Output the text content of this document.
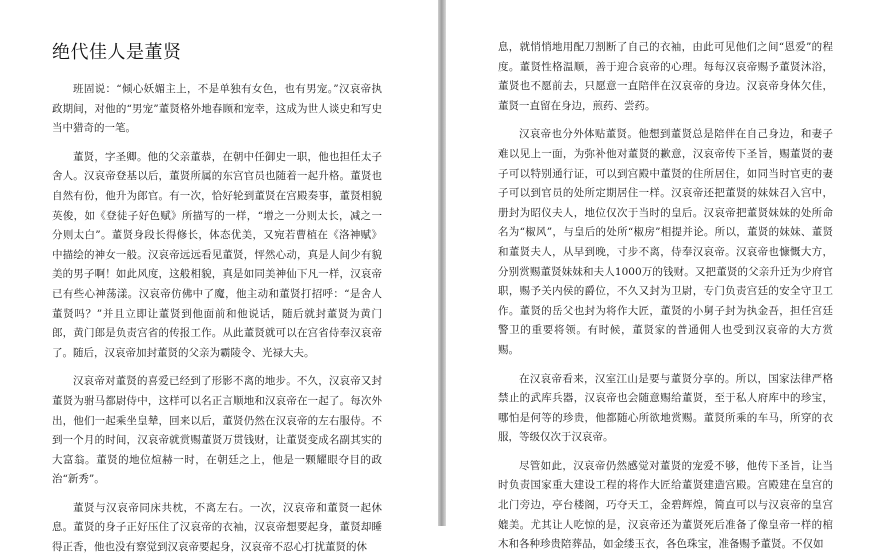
绝代佳人是董贤

班固说：“倾心妖媚主上，不是单独有女色，也有男宠。”汉哀帝执政期间，对他的“男宠”董贤格外地春顾和宠幸，这成为世人谈史和写史当中猎奇的一笔。

董贤，字圣卿。他的父亲董恭，在朝中任御史一职，他也担任太子舍人。汉哀帝登基以后，董贤所属的东宫官员也随着一起升格。董贤也自然有份，他升为郎官。有一次，恰好轮到董贤在宫殿奏事，董贤相貌英俊，如《登徒子好色赋》所描写的一样，“增之一分则太长，减之一分则太白”。董贤身段长得修长，体态优美，又宛若曹植在《洛神赋》中描绘的神女一般。汉哀帝远远看见董贤，怦然心动，真是人间少有貌美的男子啊！如此风度，这般相貌，真是如同美神仙下凡一样，汉哀帝已有些心神荡漾。汉哀帝仿佛中了魔，他主动和董贤打招呼：“是舍人董贤吗？”并且立即让董贤到他面前和他说话，随后就封董贤为黄门郎，黄门郎是负责宫省的传报工作。从此董贤就可以在宫省侍奉汉哀帝了。随后，汉哀帝加封董贤的父亲为霸陵令、光禄大夫。

汉哀帝对董贤的喜爱已经到了形影不离的地步。不久，汉哀帝又封董贤为驸马都尉侍中，这样可以名正言顺地和汉哀帝在一起了。每次外出，他们一起乘坐皇辇，回来以后，董贤仍然在汉哀帝的左右服侍。不到一个月的时间，汉哀帝就赏赐董贤万贯钱财，让董贤变成名副其实的大富翁。董贤的地位煊赫一时，在朝廷之上，他是一颗耀眼夺目的政治“新秀”。

董贤与汉哀帝同床共枕，不离左右。一次，汉哀帝和董贤一起休息。董贤的身子正好压住了汉哀帝的衣袖，汉哀帝想要起身，董贤却睡得正香，他也没有察觉到汉哀帝要起身，汉哀帝不忍心打扰董贤的休

息，就悄悄地用配刀割断了自己的衣袖，由此可见他们之间“恩爱”的程度。董贤性格温顺，善于迎合哀帝的心理。每每汉哀帝赐予董贤沐浴，董贤也不愿前去，只愿意一直陪伴在汉哀帝的身边。汉哀帝身体欠佳，董贤一直留在身边，煎药、尝药。

汉哀帝也分外体贴董贤。他想到董贤总是陪伴在自己身边，和妻子难以见上一面，为弥补他对董贤的歉意，汉哀帝传下圣旨，赐董贤的妻子可以特别通行证，可以到宫殿中董贤的住所居住，如同当时官吏的妻子可以到官员的处所定期居住一样。汉哀帝还把董贤的妹妹召入宫中，册封为昭仪夫人，地位仅次于当时的皇后。汉哀帝把董贤妹妹的处所命名为“椒风”，与皇后的处所“椒房”相提并论。所以，董贤的妹妹、董贤和董贤夫人，从早到晚，寸步不离，侍奉汉哀帝。汉哀帝也慷慨大方，分别赏赐董贤妹妹和夫人1000万的钱财。又把董贤的父亲升迁为少府官职，赐予关内侯的爵位，不久又封为卫尉，专门负责宫廷的安全守卫工作。董贤的岳父也封为将作大匠，董贤的小舅子封为执金吾，担任宫廷警卫的重要将领。有时候，董贤家的普通佣人也受到汉哀帝的大方赏赐。

在汉哀帝看来，汉室江山是要与董贤分享的。所以，国家法律严格禁止的武库兵器，汉哀帝也会随意赐给董贤，至于私人府库中的珍宝，哪怕是何等的珍贵，他都随心所欲地赏赐。董贤所乘的车马，所穿的衣服，等级仅次于汉哀帝。

尽管如此，汉哀帝仍然感觉对董贤的宠爱不够，他传下圣旨，让当时负责国家重大建设工程的将作大匠给董贤建造宫殿。宫殿建在皇宫的北门旁边，亭台楼阁，巧夺天工，金碧辉煌，简直可以与汉哀帝的皇宫媲美。尤其让人吃惊的是，汉哀帝还为董贤死后准备了像皇帝一样的棺木和各种珍贵陪葬品，如金缕玉衣，各色珠宝，准备赐予董贤。不仅如
